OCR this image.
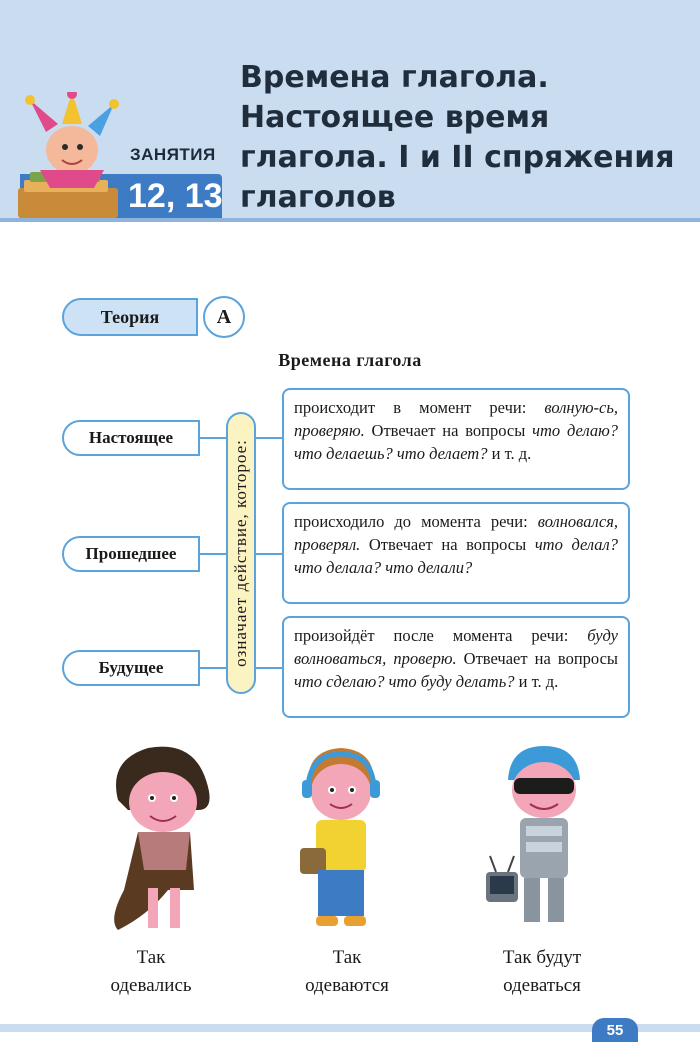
ЗАНЯТИЯ
12, 13
Времена глагола.
Настоящее время
глагола. I и II спряжения
глаголов
Теория	А
Времена глагола
Настоящее
Прошедшее
Будущее
означает действие, которое:
происходит в момент речи: волную-сь, проверяю. Отвечает на вопросы что делаю? что делаешь? что делает? и т. д.
происходило до момента речи: волновался, проверял. Отвечает на вопросы что делал? что делала? что делали?
произойдёт после момента речи: буду волноваться, проверю. Отвечает на вопросы что сделаю? что буду делать? и т. д.
Так
одевались
Так
одеваются
Так будут
одеваться
55
